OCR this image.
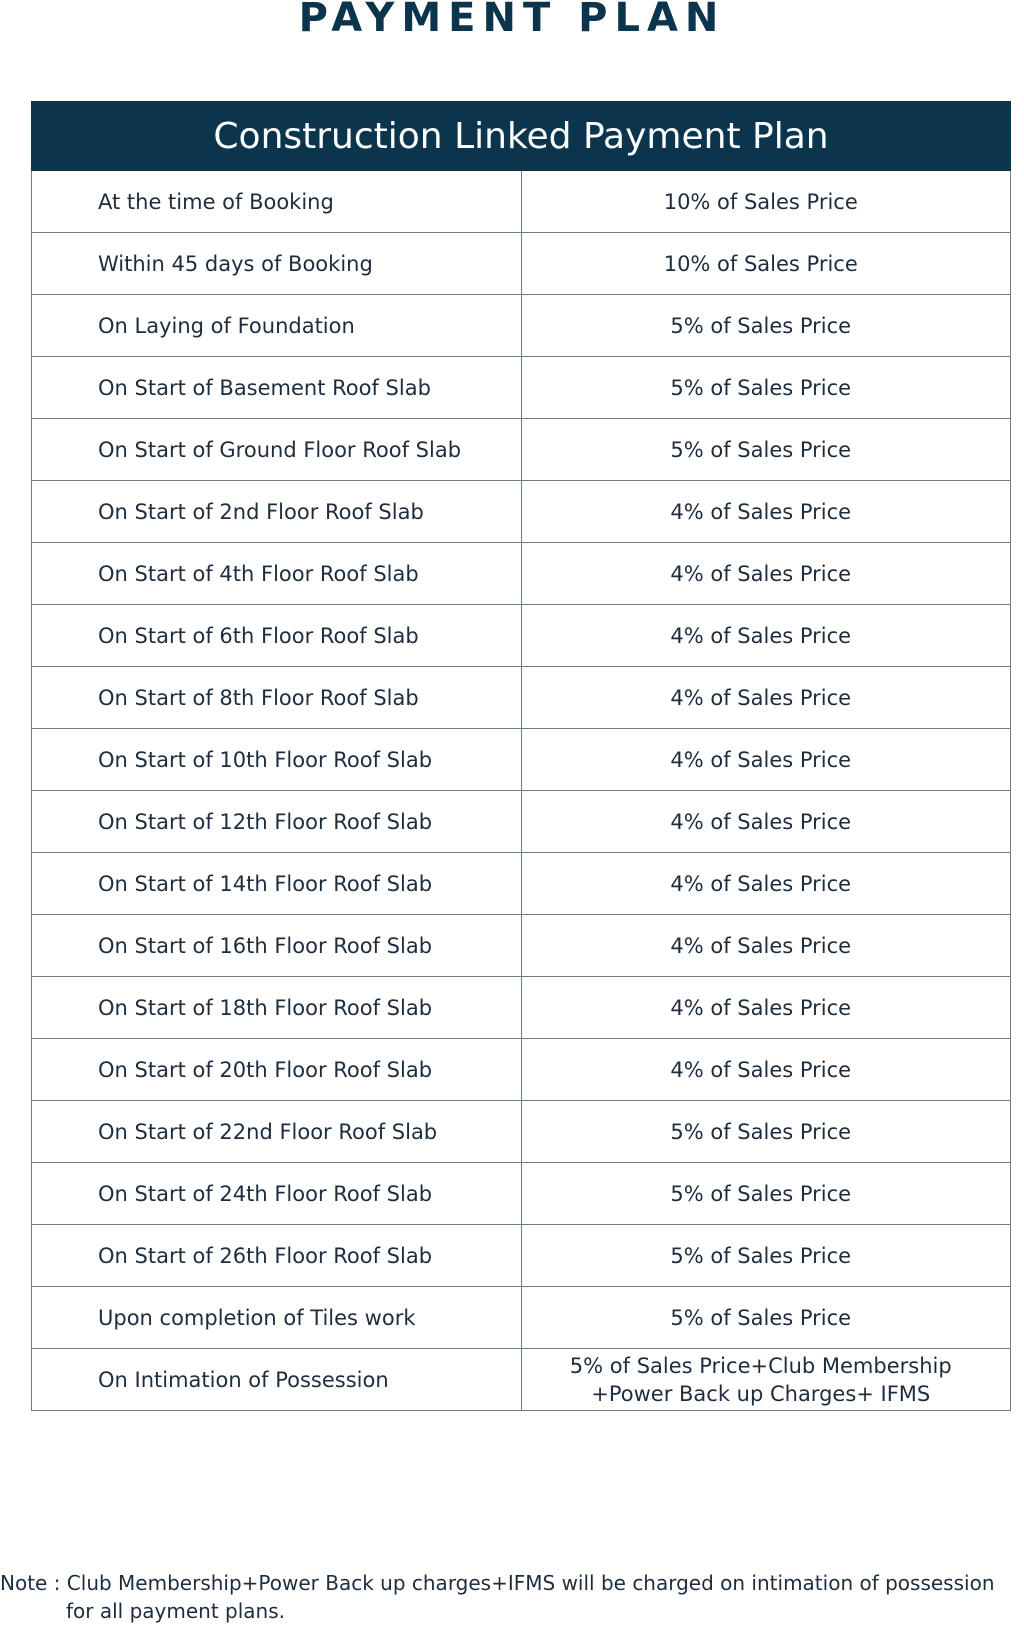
PAYMENT PLAN
Construction Linked Payment Plan	
At the time of Booking	10% of Sales Price
Within 45 days of Booking	10% of Sales Price
On Laying of Foundation	5% of Sales Price
On Start of Basement Roof Slab	5% of Sales Price
On Start of Ground Floor Roof Slab	5% of Sales Price
On Start of 2nd Floor Roof Slab	4% of Sales Price
On Start of 4th Floor Roof Slab	4% of Sales Price
On Start of 6th Floor Roof Slab	4% of Sales Price
On Start of 8th Floor Roof Slab	4% of Sales Price
On Start of 10th Floor Roof Slab	4% of Sales Price
On Start of 12th Floor Roof Slab	4% of Sales Price
On Start of 14th Floor Roof Slab	4% of Sales Price
On Start of 16th Floor Roof Slab	4% of Sales Price
On Start of 18th Floor Roof Slab	4% of Sales Price
On Start of 20th Floor Roof Slab	4% of Sales Price
On Start of 22nd Floor Roof Slab	5% of Sales Price
On Start of 24th Floor Roof Slab	5% of Sales Price
On Start of 26th Floor Roof Slab	5% of Sales Price
Upon completion of Tiles work	5% of Sales Price
On Intimation of Possession	5% of Sales Price+Club Membership
+Power Back up Charges+ IFMS
Note : Club Membership+Power Back up charges+IFMS will be charged on intimation of possession
for all payment plans.
